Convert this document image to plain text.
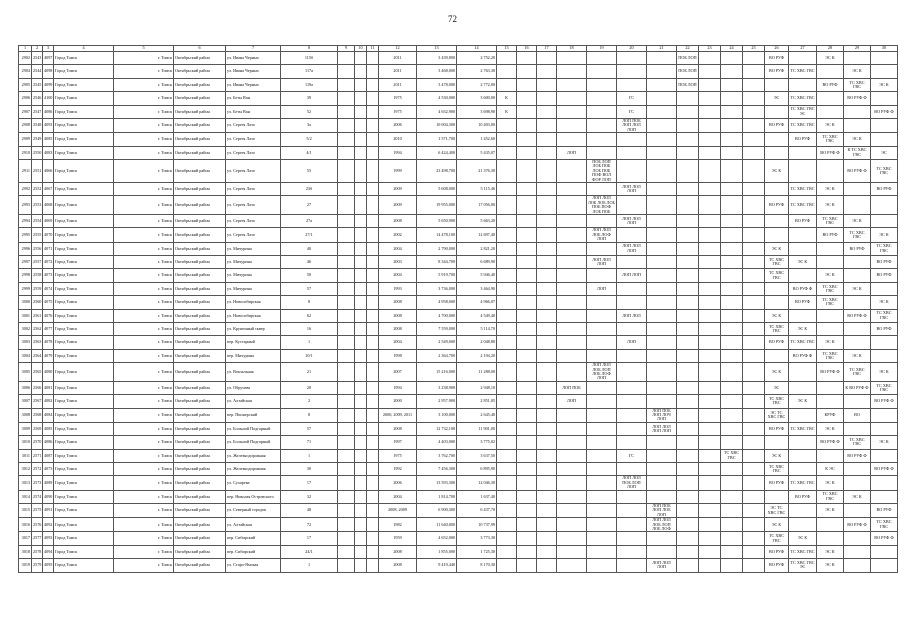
72
1	2	3	4	5	6	7	8	9	10	11	12	13	14	15	16	17	18	19	20	21	22	23	24	25	26	27	28	29	30
2902	2543	4097	Город Томск	г. Томск	Октябрьский район	ул. Ивана Черных	115б				2011	3 439,800	2 752,20								ПОБ ЛОП				ВО РУФ		ЭС К		
2904	2544	4098	Город Томск	г. Томск	Октябрьский район	ул. Ивана Черных	117а				2011	3 468,000	2 763,30								ПОБ ЛОП				ВО РУФ	ТС ХВС ГВС		ЭС К	
2905	2545	4099	Город Томск	г. Томск	Октябрьский район	ул. Ивана Черных	119а				2011	3 478,000	2 772,00								ПОБ ЛОП						ВО РУФ	ТС ХВС ГВС	ЭС К
2906	2546	4100	Город Томск	г. Томск	Октябрьский район	ул. Беты Ван	39				1975	4 530,000	3 600,00	К					ГС						ЭС	ТС ХВС ГВС		ВО РУФ Ф	
2907	2547	4086	Город Томск	г. Томск	Октябрьский район	ул. Беты Ван	52				1975	4 652,900	3 698,90	К					ГС							ТС ХВС ГВС ЭС			ВО РУФ Ф
2908	2548	4093	Город Томск	г. Томск	Октябрьский район	ул. Сергея Лазо	3а				2006	10 004,300	10 403,00						ЛОП ПОБ ЛОП ЛОЛ ЛОП						ВО РУФ	ТС ХВС ГВС	ЭС К		
2909	2549	4085	Город Томск	г. Томск	Октябрьский район	ул. Сергея Лазо	5/2				2010	1 571,700	1 452,60													ВО РУФ	ТС ХВС ГВС	ЭС К	
2910	2550	4083	Город Томск	г. Томск	Октябрьский район	ул. Сергея Лазо	4/1				1994	6 424,400	5 435,07				ЛОП										ВО РУФ Ф	К ТС ХВС ГВС	ЭС
2911	2551	4066	Город Томск	г. Томск	Октябрьский район	ул. Сергея Лазо	55				1999	23 498,700	21 376,30					ПОБ ЛОП ЛОБ ПОБ ЛОБ ПОБ ПОФ ВОЛ ФОР ЛОП							ЭС К			ВО РУФ Ф	ТС ХВС ГВС
2992	2552	4067	Город Томск	г. Томск	Октябрьский район	ул. Сергея Лазо	23б				2009	5 608,000	5 115,46						ЛОП ЛОЛ ЛОП							ТС ХВС ГВС	ЭС К		ВО РУФ
2993	2553	4068	Город Томск	г. Томск	Октябрьский район	ул. Сергея Лазо	27				2009	19 955,000	17 056,00					ЛОП ЛОЛ ЛОБ ЛОБ ЛОБ ПОБ ПОФ ЛОБ ПОБ							ВО РУФ	ТС ХВС ГВС	ЭС К		
2994	2554	4069	Город Томск	г. Томск	Октябрьский район	ул. Сергея Лазо	27а				2008	5 650,900	5 663,20						ЛОП ЛОЛ ЛОП							ВО РУФ	ТС ХВС ГВС	ЭС К	
2995	2555	4070	Город Томск	г. Томск	Октябрьский район	ул. Сергея Лазо	27/1				2002	14 478,100	12 697,40					ЛОП ЛОЛ ЛОБ ЛОФ ЛОП									ВО РУФ	ТС ХВС ГВС	ЭС К
2996	2556	4071	Город Томск	г. Томск	Октябрьский район	ул. Мичурина	40				2004	2 790,000	2 821,20						ЛОП ЛОЛ ЛОП						ЭС К			ВО РУФ	ТС ХВС ГВС
2997	2557	4072	Город Томск	г. Томск	Октябрьский район	ул. Мичурина	46				2003	8 344,700	6 689,90					ЛОП ЛОЛ ЛОП							ТС ХВС ГВС	ЭС К			ВО РУФ
2998	2558	4073	Город Томск	г. Томск	Октябрьский район	ул. Мичурина	50				2004	5 919,700	5 946,40						ЛОП ЛОП						ТС ХВС ГВС		ЭС К		ВО РУФ
2999	2559	4074	Город Томск	г. Томск	Октябрьский район	ул. Мичурина	57				1993	3 736,000	3 464,90					ЛОП								ВО РУФ Ф	ТС ХВС ГВС	ЭС К	
3000	2560	4075	Город Томск	г. Томск	Октябрьский район	ул. Новосибирская	8				2008	4 958,000	4 966,07													ВО РУФ	ТС ХВС ГВС		ЭС К
3001	2561	4076	Город Томск	г. Томск	Октябрьский район	ул. Новосибирская	62				2008	4 700,000	4 549,40						ЛОП ЛОЛ						ЭС К			ВО РУФ Ф	ТС ХВС ГВС
3002	2562	4077	Город Томск	г. Томск	Октябрьский район	ул. Крупичный сквер	16				2008	7 559,000	5 114,70												ТС ХВС ГВС	ЭС К			ВО РУФ
3003	2563	4078	Город Томск	г. Томск	Октябрьский район	пер. Кустарный	1				2004	2 549,000	2 048,80						ЛОП						ВО РУФ	ТС ХВС ГВС	ЭС К		
3004	2564	4079	Город Томск	г. Томск	Октябрьский район	пер. Мичурина	10/1				1998	2 364,700	2 194,20													ВО РУФ Ф	ТС ХВС ГВС	ЭС К	
3005	2565	4080	Город Томск	г. Томск	Октябрьский район	ул. Вокзальная	21				2007	15 216,000	11 288,00					ЛОП ЛОЛ ЛОБ ЛОП ЛОБ ЛОФ ЛОП							ЭС К		ВО РУФ Ф	ТС ХВС ГВС	ЭС К
3006	2566	4081	Город Томск	г. Томск	Октябрьский район	ул. Обручева	20				1994	3 238,900	2 948,10				ЛОП ПОБ								ЭС			К ВО РУФ Ф	ТС ХВС ГВС
3007	2567	4082	Город Томск	г. Томск	Октябрьский район	ул. Алтайская	2				2000	2 957,900	2 851,05				ЛОП								ТС ХВС ГВС	ЭС К			ВО РУФ Ф
3008	2568	4084	Город Томск	г. Томск	Октябрьский район	пер. Пионерский	8				2000, 2009, 2011	3 100,000	2 645,40							ЛОП ПОБ ЛОП ЛОЧ ЛОП					ЭС ТС ХВС ГВС		КРУФ	ВО	
3009	2569	4085	Город Томск	г. Томск	Октябрьский район	ул. Большой Подгорный	57				2008	12 732,100	11 901,00							ЛОП ЛОЛ ЛОП ЛОП					ВО РУФ	ТС ХВС ГВС	ЭС К		
3010	2570	4086	Город Томск	г. Томск	Октябрьский район	ул. Большой Подгорный	71				1997	4 403,000	3 775,02														ВО РУФ Ф	ТС ХВС ГВС	ЭС К
3011	2571	4087	Город Томск	г. Томск	Октябрьский район	ул. Железнодорожная	1				1975	3 762,700	3 637,50						ГС				ТС ХВС ГВС		ЭС К			ВО РУФ Ф	
3012	2572	4073	Город Томск	г. Томск	Октябрьский район	ул. Железнодорожная	30				1992	7 456,300	6 895,90												ТС ХВС ГВС		К ЭС		ВО РУФ Ф
3013	2573	4089	Город Томск	г. Томск	Октябрьский район	ул. Сухарева	17				2006	13 593,300	12 046,30						ЛОП ЛОЛ ПОБ ЛОП ЛОП						ВО РУФ	ТС ХВС ГВС	ЭС К		
3014	2574	4090	Город Томск	г. Томск	Октябрьский район	пер. Николая Островского	32				2004	1 814,700	1 637,40													ВО РУФ	ТС ХВС ГВС	ЭС К	
3015	2575	4091	Город Томск	г. Томск	Октябрьский район	ул. Северный городок	48				2008, 2009	6 900,300	6 437,70							ЛОП ПОБ ЛОП ЛОБ ЛОП					ЭС ТС ХВС ГВС		ЭС К		ВО РУФ
3016	2576	4092	Город Томск	г. Томск	Октябрьский район	ул. Алтайская	72				1982	11 640,000	10 737,99							ЛОП ЛОЛ ЛОБ ЛОП ЛОБ ЛОФ					ЭС К			ВО РУФ Ф	ТС ХВС ГВС
3017	2577	4093	Город Томск	г. Томск	Октябрьский район	пер. Сибирский	17				1959	4 652,000	3 773,30												ТС ХВС ГВС	ЭС К			ВО РУФ Ф
3018	2578	4094	Город Томск	г. Томск	Октябрьский район	пер. Сибирский	24/1				2008	1 855,000	1 725,30												ВО РУФ	ТС ХВС ГВС	ЭС К		
3019	2579	4095	Город Томск	г. Томск	Октябрьский район	ул. Старо-Ямская	1				2008	9 419,440	8 170,30							ЛОП ЛОЛ ЛОП					ВО РУФ	ТС ХВС ГВС ЭС	ЭС К		
